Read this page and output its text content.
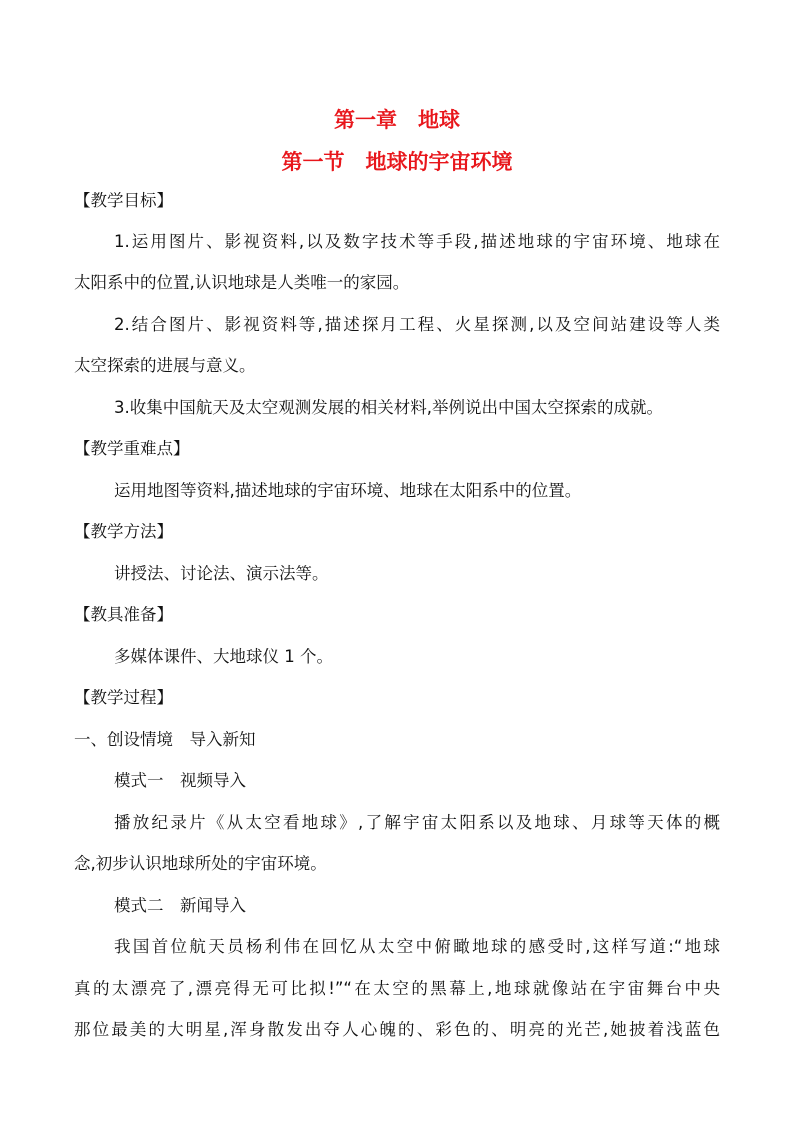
第一章　地球
第一节　地球的宇宙环境
【教学目标】
1.运用图片、影视资料,以及数字技术等手段,描述地球的宇宙环境、地球在
太阳系中的位置,认识地球是人类唯一的家园。
2.结合图片、影视资料等,描述探月工程、火星探测,以及空间站建设等人类
太空探索的进展与意义。
3.收集中国航天及太空观测发展的相关材料,举例说出中国太空探索的成就。
【教学重难点】
运用地图等资料,描述地球的宇宙环境、地球在太阳系中的位置。
【教学方法】
讲授法、讨论法、演示法等。
【教具准备】
多媒体课件、大地球仪 1 个。
【教学过程】
一、创设情境　导入新知
模式一　视频导入
播放纪录片《从太空看地球》,了解宇宙太阳系以及地球、月球等天体的概
念,初步认识地球所处的宇宙环境。
模式二　新闻导入
我国首位航天员杨利伟在回忆从太空中俯瞰地球的感受时,这样写道:“地球
真的太漂亮了,漂亮得无可比拟!”“在太空的黑幕上,地球就像站在宇宙舞台中央
那位最美的大明星,浑身散发出夺人心魄的、彩色的、明亮的光芒,她披着浅蓝色
